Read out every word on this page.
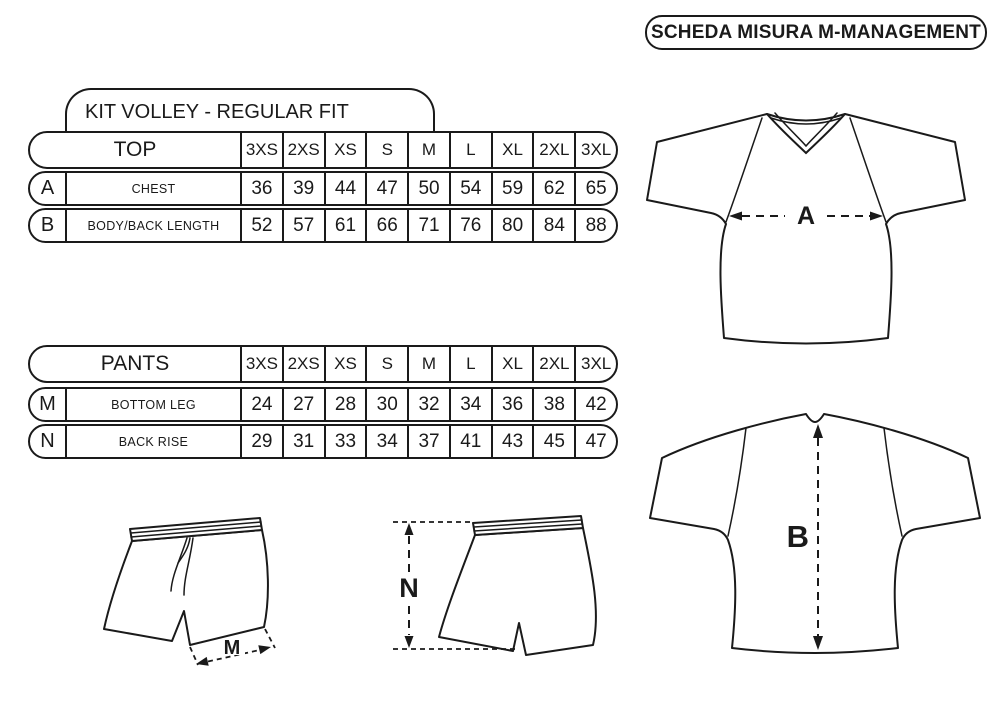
SCHEDA MISURA M-MANAGEMENT
KIT VOLLEY - REGULAR FIT
TOP	3XS 2XS XS	S	M	L	XL 2XL 3XL
A	CHEST	36	39	44	47	50	54	59	62	65
B	BODY/BACK LENGTH	52	57	61	66	71	76	80	84	88
PANTS	3XS 2XS XS	S	M	L	XL 2XL 3XL
M	BOTTOM LEG	24	27	28	30	32	34	36	38	42
N	BACK RISE	29	31	33	34	37	41	43	45	47
A
B
M
N
